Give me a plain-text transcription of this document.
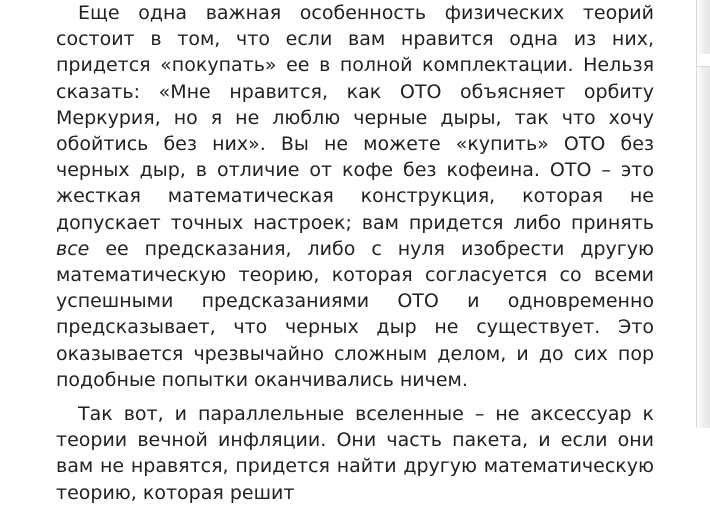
Еще одна важная особенность физических теорий состоит в том, что если вам нравится одна из них, придется «покупать» ее в полной комплектации. Нельзя сказать: «Мне нравится, как ОТО объясняет орбиту Меркурия, но я не люблю черные дыры, так что хочу обойтись без них». Вы не можете «купить» ОТО без черных дыр, в отличие от кофе без кофеина. ОТО – это жесткая математическая конструкция, которая не допускает точных настроек; вам придется либо принять все ее предсказания, либо с нуля изобрести другую математическую теорию, которая согласуется со всеми успешными предсказаниями ОТО и одновременно предсказывает, что черных дыр не существует. Это оказывается чрезвычайно сложным делом, и до сих пор подобные попытки оканчивались ничем.

Так вот, и параллельные вселенные – не аксессуар к теории вечной инфляции. Они часть пакета, и если они вам не нравятся, придется найти другую математическую теорию, которая решит
